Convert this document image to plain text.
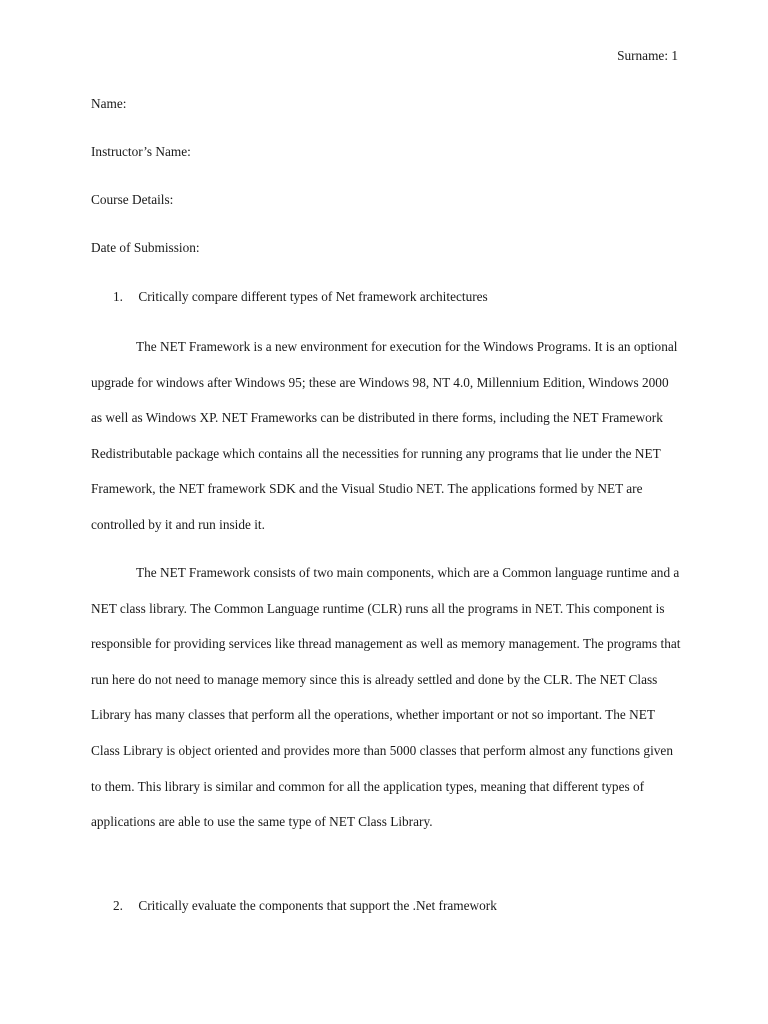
Surname: 1
Name:
Instructor’s Name:
Course Details:
Date of Submission:
1. Critically compare different types of Net framework architectures

The NET Framework is a new environment for execution for the Windows Programs. It is an optional upgrade for windows after Windows 95; these are Windows 98, NT 4.0, Millennium Edition, Windows 2000 as well as Windows XP. NET Frameworks can be distributed in there forms, including the NET Framework Redistributable package which contains all the necessities for running any programs that lie under the NET Framework, the NET framework SDK and the Visual Studio NET. The applications formed by NET are controlled by it and run inside it.

The NET Framework consists of two main components, which are a Common language runtime and a NET class library. The Common Language runtime (CLR) runs all the programs in NET. This component is responsible for providing services like thread management as well as memory management. The programs that run here do not need to manage memory since this is already settled and done by the CLR. The NET Class Library has many classes that perform all the operations, whether important or not so important. The NET Class Library is object oriented and provides more than 5000 classes that perform almost any functions given to them. This library is similar and common for all the application types, meaning that different types of applications are able to use the same type of NET Class Library.

2. Critically evaluate the components that support the .Net framework
